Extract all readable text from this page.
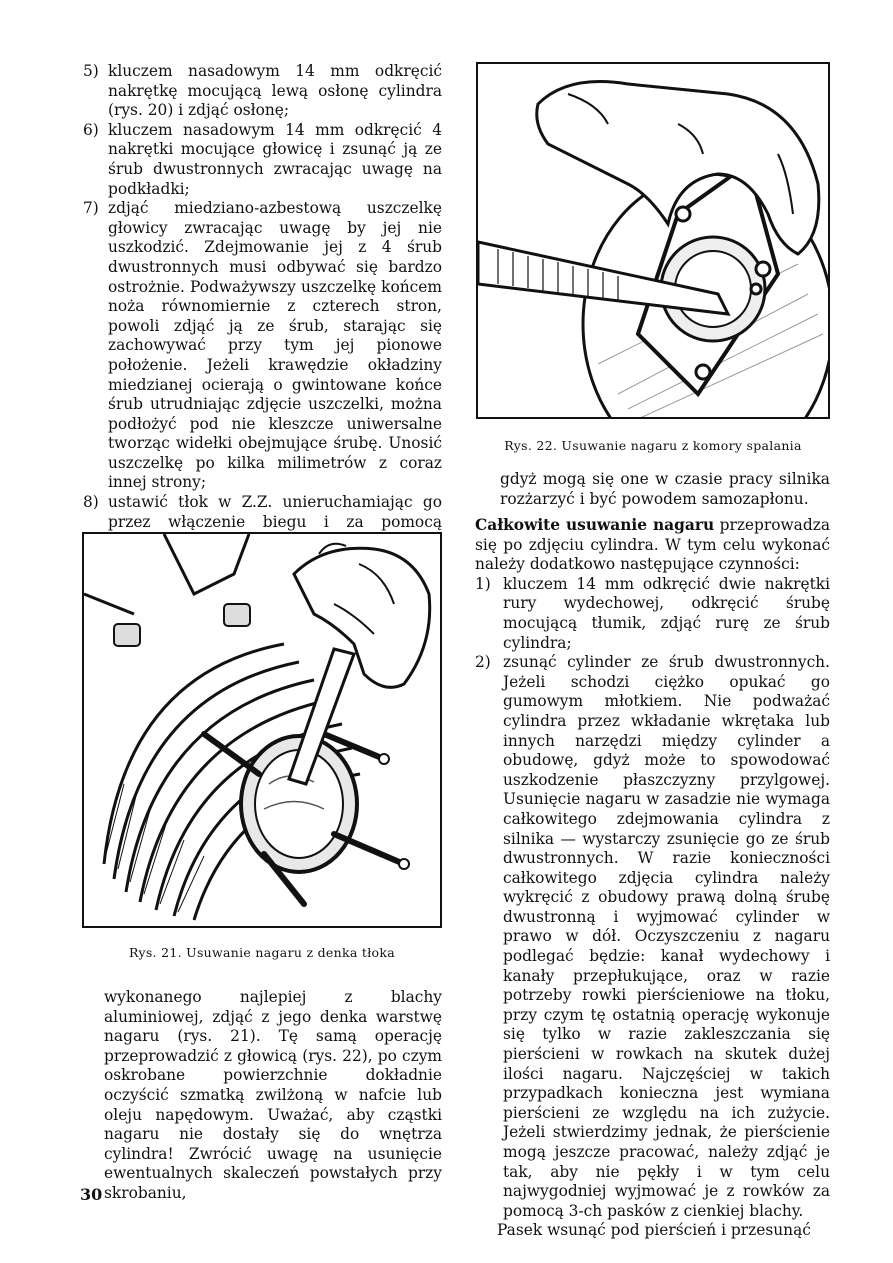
5) kluczem nasadowym 14 mm odkręcić nakrętkę mocującą lewą osłonę cylindra (rys. 20) i zdjąć osłonę;
6) kluczem nasadowym 14 mm odkręcić 4 nakrętki mocujące głowicę i zsunąć ją ze śrub dwustronnych zwracając uwagę na podkładki;
7) zdjąć miedziano-azbestową uszczelkę głowicy zwracając uwagę by jej nie uszkodzić. Zdejmowanie jej z 4 śrub dwustronnych musi odbywać się bardzo ostrożnie. Podważywszy uszczelkę końcem noża równomiernie z czterech stron, powoli zdjąć ją ze śrub, starając się zachowywać przy tym jej pionowe położenie. Jeżeli krawędzie okładziny miedzianej ocierają o gwintowane końce śrub utrudniając zdjęcie uszczelki, można podłożyć pod nie kleszcze uniwersalne tworząc widełki obejmujące śrubę. Unosić uszczelkę po kilka milimetrów z coraz innej strony;
8) ustawić tłok w Z.Z. unieruchamiając go przez włączenie biegu i za pomocą
Rys. 21. Usuwanie nagaru z denka tłoka
wykonanego najlepiej z blachy aluminiowej, zdjąć z jego denka warstwę nagaru (rys. 21). Tę samą operację przeprowadzić z głowicą (rys. 22), po czym oskrobane powierzchnie dokładnie oczyścić szmatką zwilżoną w nafcie lub oleju napędowym. Uważać, aby cząstki nagaru nie dostały się do wnętrza cylindra! Zwrócić uwagę na usunięcie ewentualnych skaleczeń powstałych przy skrobaniu,
Rys. 22. Usuwanie nagaru z komory spalania
gdyż mogą się one w czasie pracy silnika rozżarzyć i być powodem samozapłonu.
Całkowite usuwanie nagaru przeprowadza się po zdjęciu cylindra. W tym celu wykonać należy dodatkowo następujące czynności:
1) kluczem 14 mm odkręcić dwie nakrętki rury wydechowej, odkręcić śrubę mocującą tłumik, zdjąć rurę ze śrub cylindra;
2) zsunąć cylinder ze śrub dwustronnych. Jeżeli schodzi ciężko opukać go gumowym młotkiem. Nie podważać cylindra przez wkładanie wkrętaka lub innych narzędzi między cylinder a obudowę, gdyż może to spowodować uszkodzenie płaszczyzny przylgowej. Usunięcie nagaru w zasadzie nie wymaga całkowitego zdejmowania cylindra z silnika — wystarczy zsunięcie go ze śrub dwustronnych. W razie konieczności całkowitego zdjęcia cylindra należy wykręcić z obudowy prawą dolną śrubę dwustronną i wyjmować cylinder w prawo w dół. Oczyszczeniu z nagaru podlegać będzie: kanał wydechowy i kanały przepłukujące, oraz w razie potrzeby rowki pierścieniowe na tłoku, przy czym tę ostatnią operację wykonuje się tylko w razie zakleszczania się pierścieni w rowkach na skutek dużej ilości nagaru. Najczęściej w takich przypadkach konieczna jest wymiana pierścieni ze względu na ich zużycie. Jeżeli stwierdzimy jednak, że pierścienie mogą jeszcze pracować, należy zdjąć je tak, aby nie pękły i w tym celu najwygodniej wyjmować je z rowków za pomocą 3-ch pasków z cienkiej blachy.
Pasek wsunąć pod pierścień i przesunąć
30
